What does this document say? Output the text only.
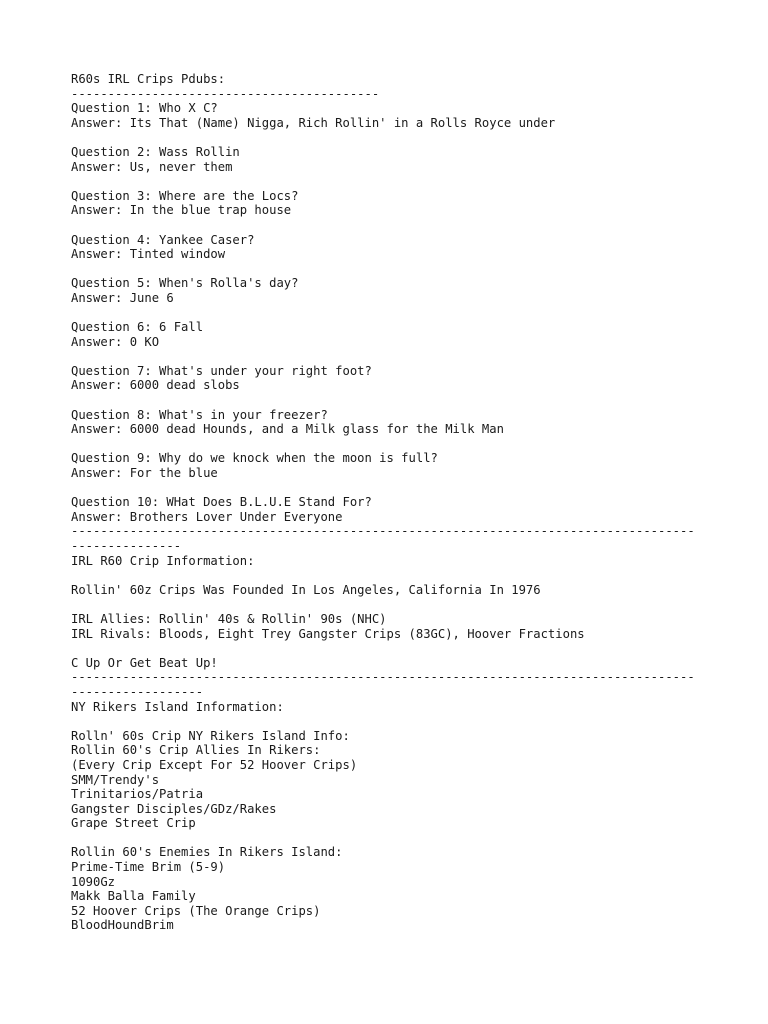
R60s IRL Crips Pdubs:
------------------------------------------
Question 1: Who X C?
Answer: Its That (Name) Nigga, Rich Rollin' in a Rolls Royce under
Question 2: Wass Rollin
Answer: Us, never them
Question 3: Where are the Locs?
Answer: In the blue trap house
Question 4: Yankee Caser?
Answer: Tinted window
Question 5: When's Rolla's day?
Answer: June 6
Question 6: 6 Fall
Answer: 0 KO
Question 7: What's under your right foot?
Answer: 6000 dead slobs
Question 8: What's in your freezer?
Answer: 6000 dead Hounds, and a Milk glass for the Milk Man
Question 9: Why do we knock when the moon is full?
Answer: For the blue
Question 10: WHat Does B.L.U.E Stand For?
Answer: Brothers Lover Under Everyone
----------------------------------------------------------------------------------------------------
IRL R60 Crip Information:
Rollin' 60z Crips Was Founded In Los Angeles, California In 1976
IRL Allies: Rollin' 40s & Rollin' 90s (NHC)
IRL Rivals: Bloods, Eight Trey Gangster Crips (83GC), Hoover Fractions
C Up Or Get Beat Up!
-------------------------------------------------------------------------------------------------------
NY Rikers Island Information:
Rolln' 60s Crip NY Rikers Island Info:
Rollin 60's Crip Allies In Rikers:
(Every Crip Except For 52 Hoover Crips)
SMM/Trendy's
Trinitarios/Patria
Gangster Disciples/GDz/Rakes
Grape Street Crip
Rollin 60's Enemies In Rikers Island:
Prime-Time Brim (5-9)
1090Gz
Makk Balla Family
52 Hoover Crips (The Orange Crips)
BloodHoundBrim
